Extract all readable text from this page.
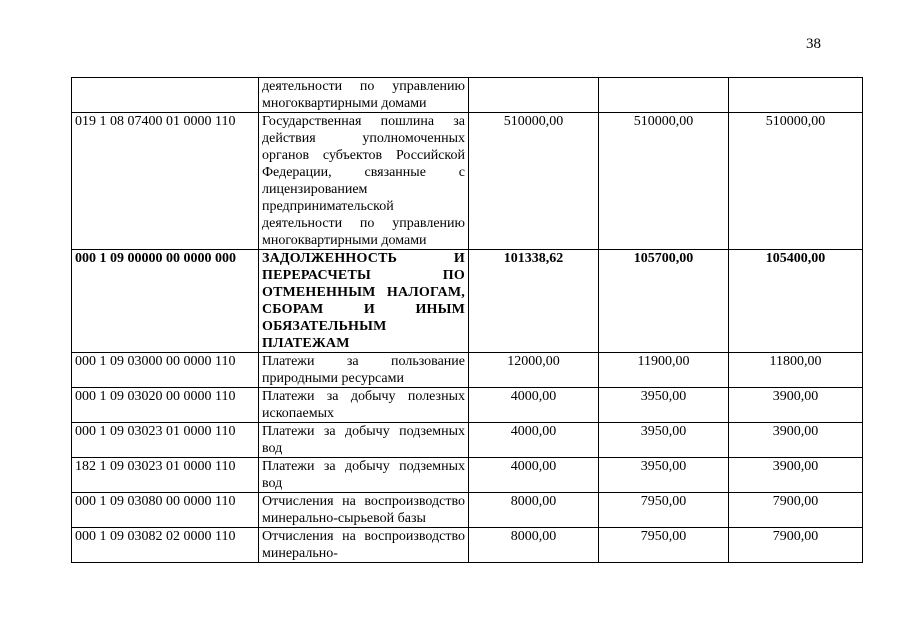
38
	деятельности по управлению многоквартирными домами			
019 1 08 07400 01 0000 110	Государственная пошлина за действия уполномоченных органов субъектов Российской Федерации, связанные с лицензированием предпринимательской деятельности по управлению многоквартирными домами	510000,00	510000,00	510000,00
000 1 09 00000 00 0000 000	ЗАДОЛЖЕННОСТЬ И ПЕРЕРАСЧЕТЫ ПО ОТМЕНЕННЫМ НАЛОГАМ, СБОРАМ И ИНЫМ ОБЯЗАТЕЛЬНЫМ ПЛАТЕЖАМ	101338,62	105700,00	105400,00
000 1 09 03000 00 0000 110	Платежи за пользование природными ресурсами	12000,00	11900,00	11800,00
000 1 09 03020 00 0000 110	Платежи за добычу полезных ископаемых	4000,00	3950,00	3900,00
000 1 09 03023 01 0000 110	Платежи за добычу подземных вод	4000,00	3950,00	3900,00
182 1 09 03023 01 0000 110	Платежи за добычу подземных вод	4000,00	3950,00	3900,00
000 1 09 03080 00 0000 110	Отчисления на воспроизводство минерально-сырьевой базы	8000,00	7950,00	7900,00
000 1 09 03082 02 0000 110	Отчисления на воспроизводство минерально-	8000,00	7950,00	7900,00
